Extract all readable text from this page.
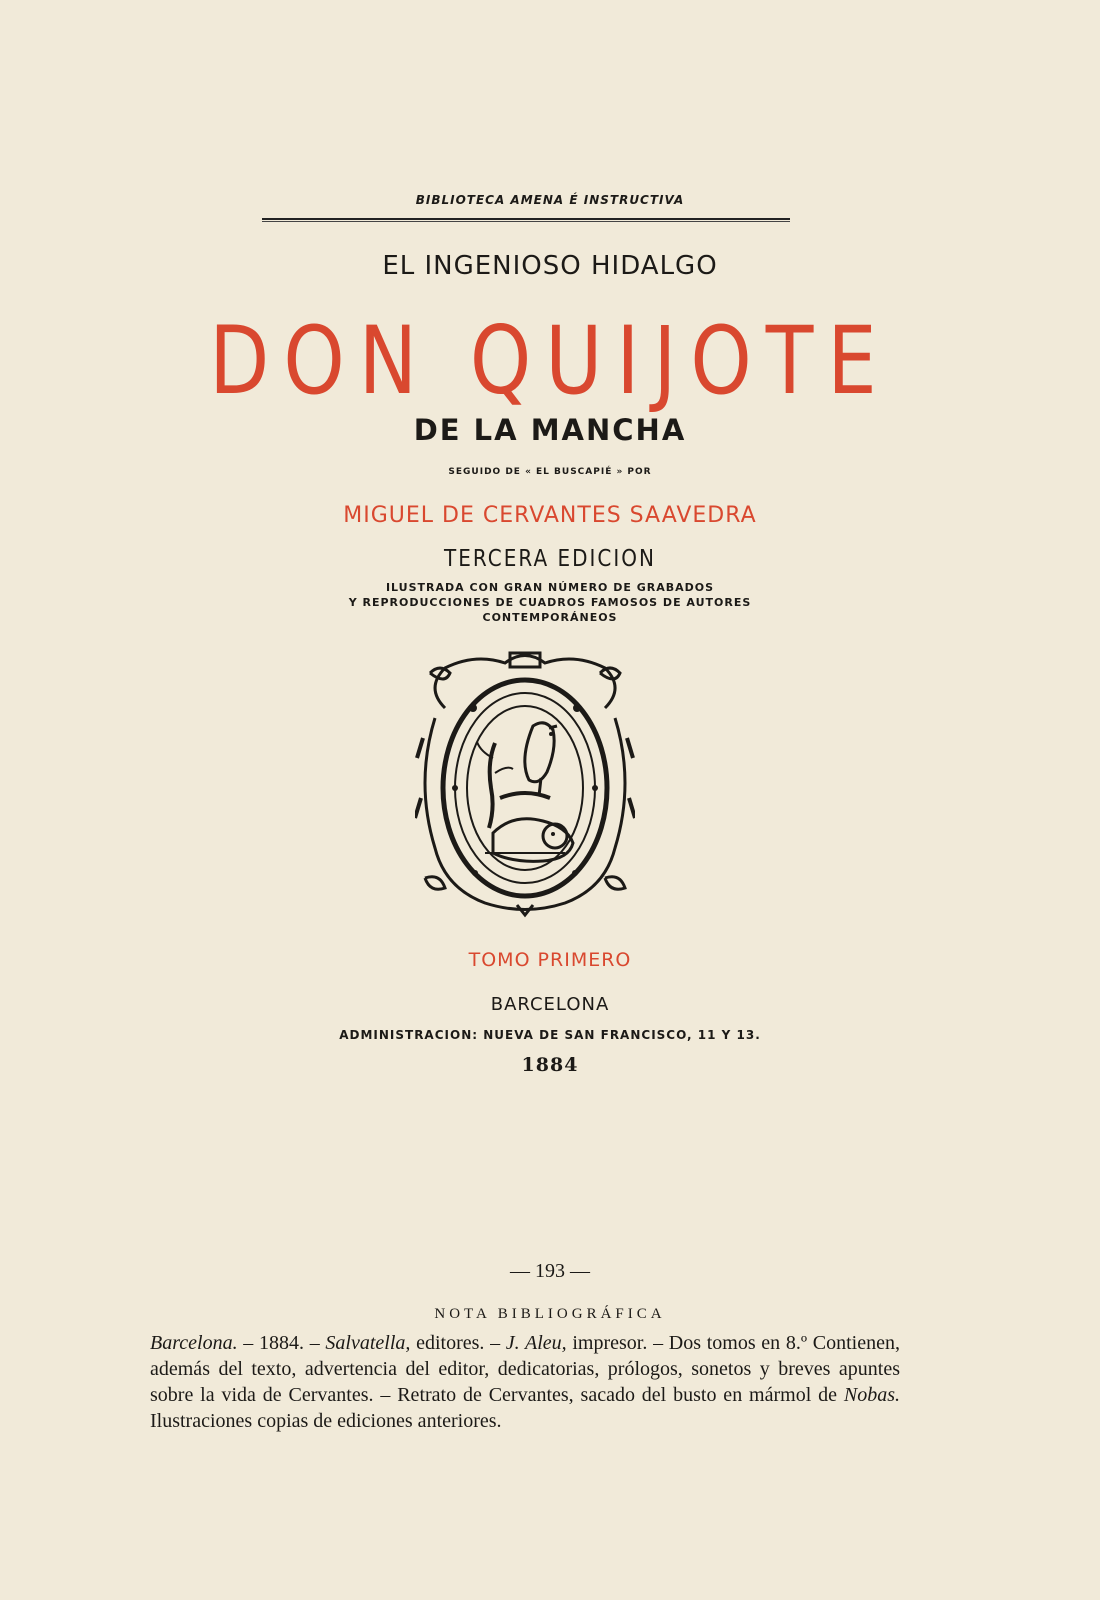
BIBLIOTECA AMENA É INSTRUCTIVA
EL INGENIOSO HIDALGO
DON QUIJOTE
DE LA MANCHA
SEGUIDO DE « EL BUSCAPIÉ » POR
MIGUEL DE CERVANTES SAAVEDRA
TERCERA EDICION
ILUSTRADA CON GRAN NÚMERO DE GRABADOS
Y REPRODUCCIONES DE CUADROS FAMOSOS DE AUTORES
CONTEMPORÁNEOS
TOMO PRIMERO
BARCELONA
ADMINISTRACION: NUEVA DE SAN FRANCISCO, 11 Y 13.
1884
— 193 —
NOTA BIBLIOGRÁFICA
Barcelona. – 1884. – Salvatella, editores. – J. Aleu, impresor. – Dos tomos en 8.º Contienen, además del texto, advertencia del editor, dedicatorias, prólogos, sonetos y breves apuntes sobre la vida de Cervantes. – Retrato de Cervantes, sacado del busto en mármol de Nobas. Ilustraciones copias de ediciones anteriores.
